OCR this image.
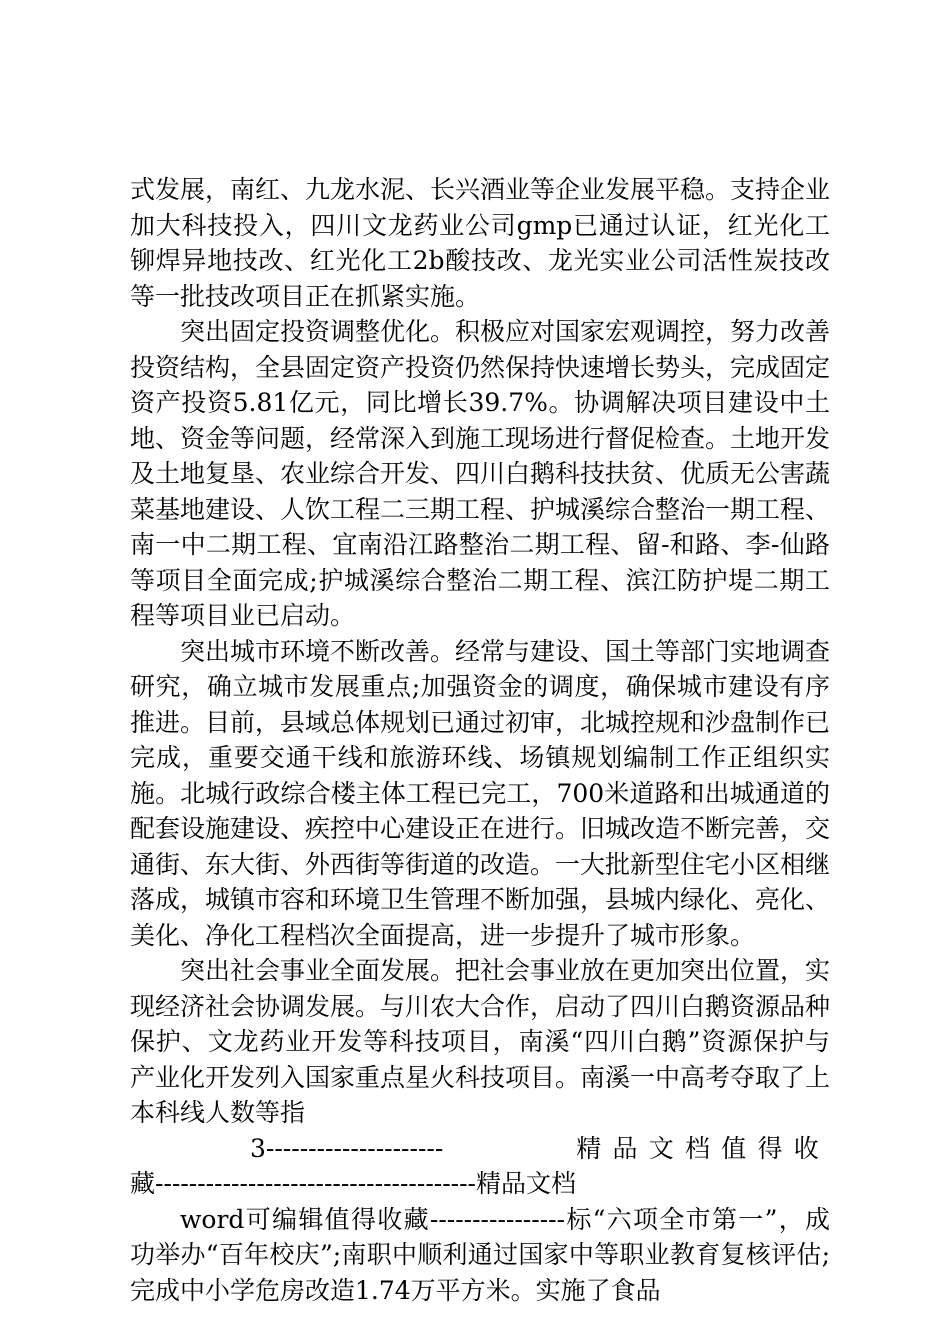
式发展，南红、九龙水泥、长兴酒业等企业发展平稳。支持企业加大科技投入，四川文龙药业公司gmp已通过认证，红光化工铆焊异地技改、红光化工2b酸技改、龙光实业公司活性炭技改等一批技改项目正在抓紧实施。

突出固定投资调整优化。积极应对国家宏观调控，努力改善投资结构，全县固定资产投资仍然保持快速增长势头，完成固定资产投资5.81亿元，同比增长39.7%。协调解决项目建设中土地、资金等问题，经常深入到施工现场进行督促检查。土地开发及土地复垦、农业综合开发、四川白鹅科技扶贫、优质无公害蔬菜基地建设、人饮工程二三期工程、护城溪综合整治一期工程、南一中二期工程、宜南沿江路整治二期工程、留-和路、李-仙路等项目全面完成;护城溪综合整治二期工程、滨江防护堤二期工程等项目业已启动。

突出城市环境不断改善。经常与建设、国土等部门实地调查研究，确立城市发展重点;加强资金的调度，确保城市建设有序推进。目前，县域总体规划已通过初审，北城控规和沙盘制作已完成，重要交通干线和旅游环线、场镇规划编制工作正组织实施。北城行政综合楼主体工程已完工，700米道路和出城通道的配套设施建设、疾控中心建设正在进行。旧城改造不断完善，交通街、东大街、外西街等街道的改造。一大批新型住宅小区相继落成，城镇市容和环境卫生管理不断加强，县城内绿化、亮化、美化、净化工程档次全面提高，进一步提升了城市形象。

突出社会事业全面发展。把社会事业放在更加突出位置，实现经济社会协调发展。与川农大合作，启动了四川白鹅资源品种保护、文龙药业开发等科技项目，南溪“四川白鹅”资源保护与产业化开发列入国家重点星火科技项目。南溪一中高考夺取了上本科线人数等指

3---------------------	精品文档值得收

藏--------------------------------------精品文档

word可编辑值得收藏----------------标“六项全市第一”，成功举办“百年校庆”;南职中顺利通过国家中等职业教育复核评估;完成中小学危房改造1.74万平方米。实施了食品
